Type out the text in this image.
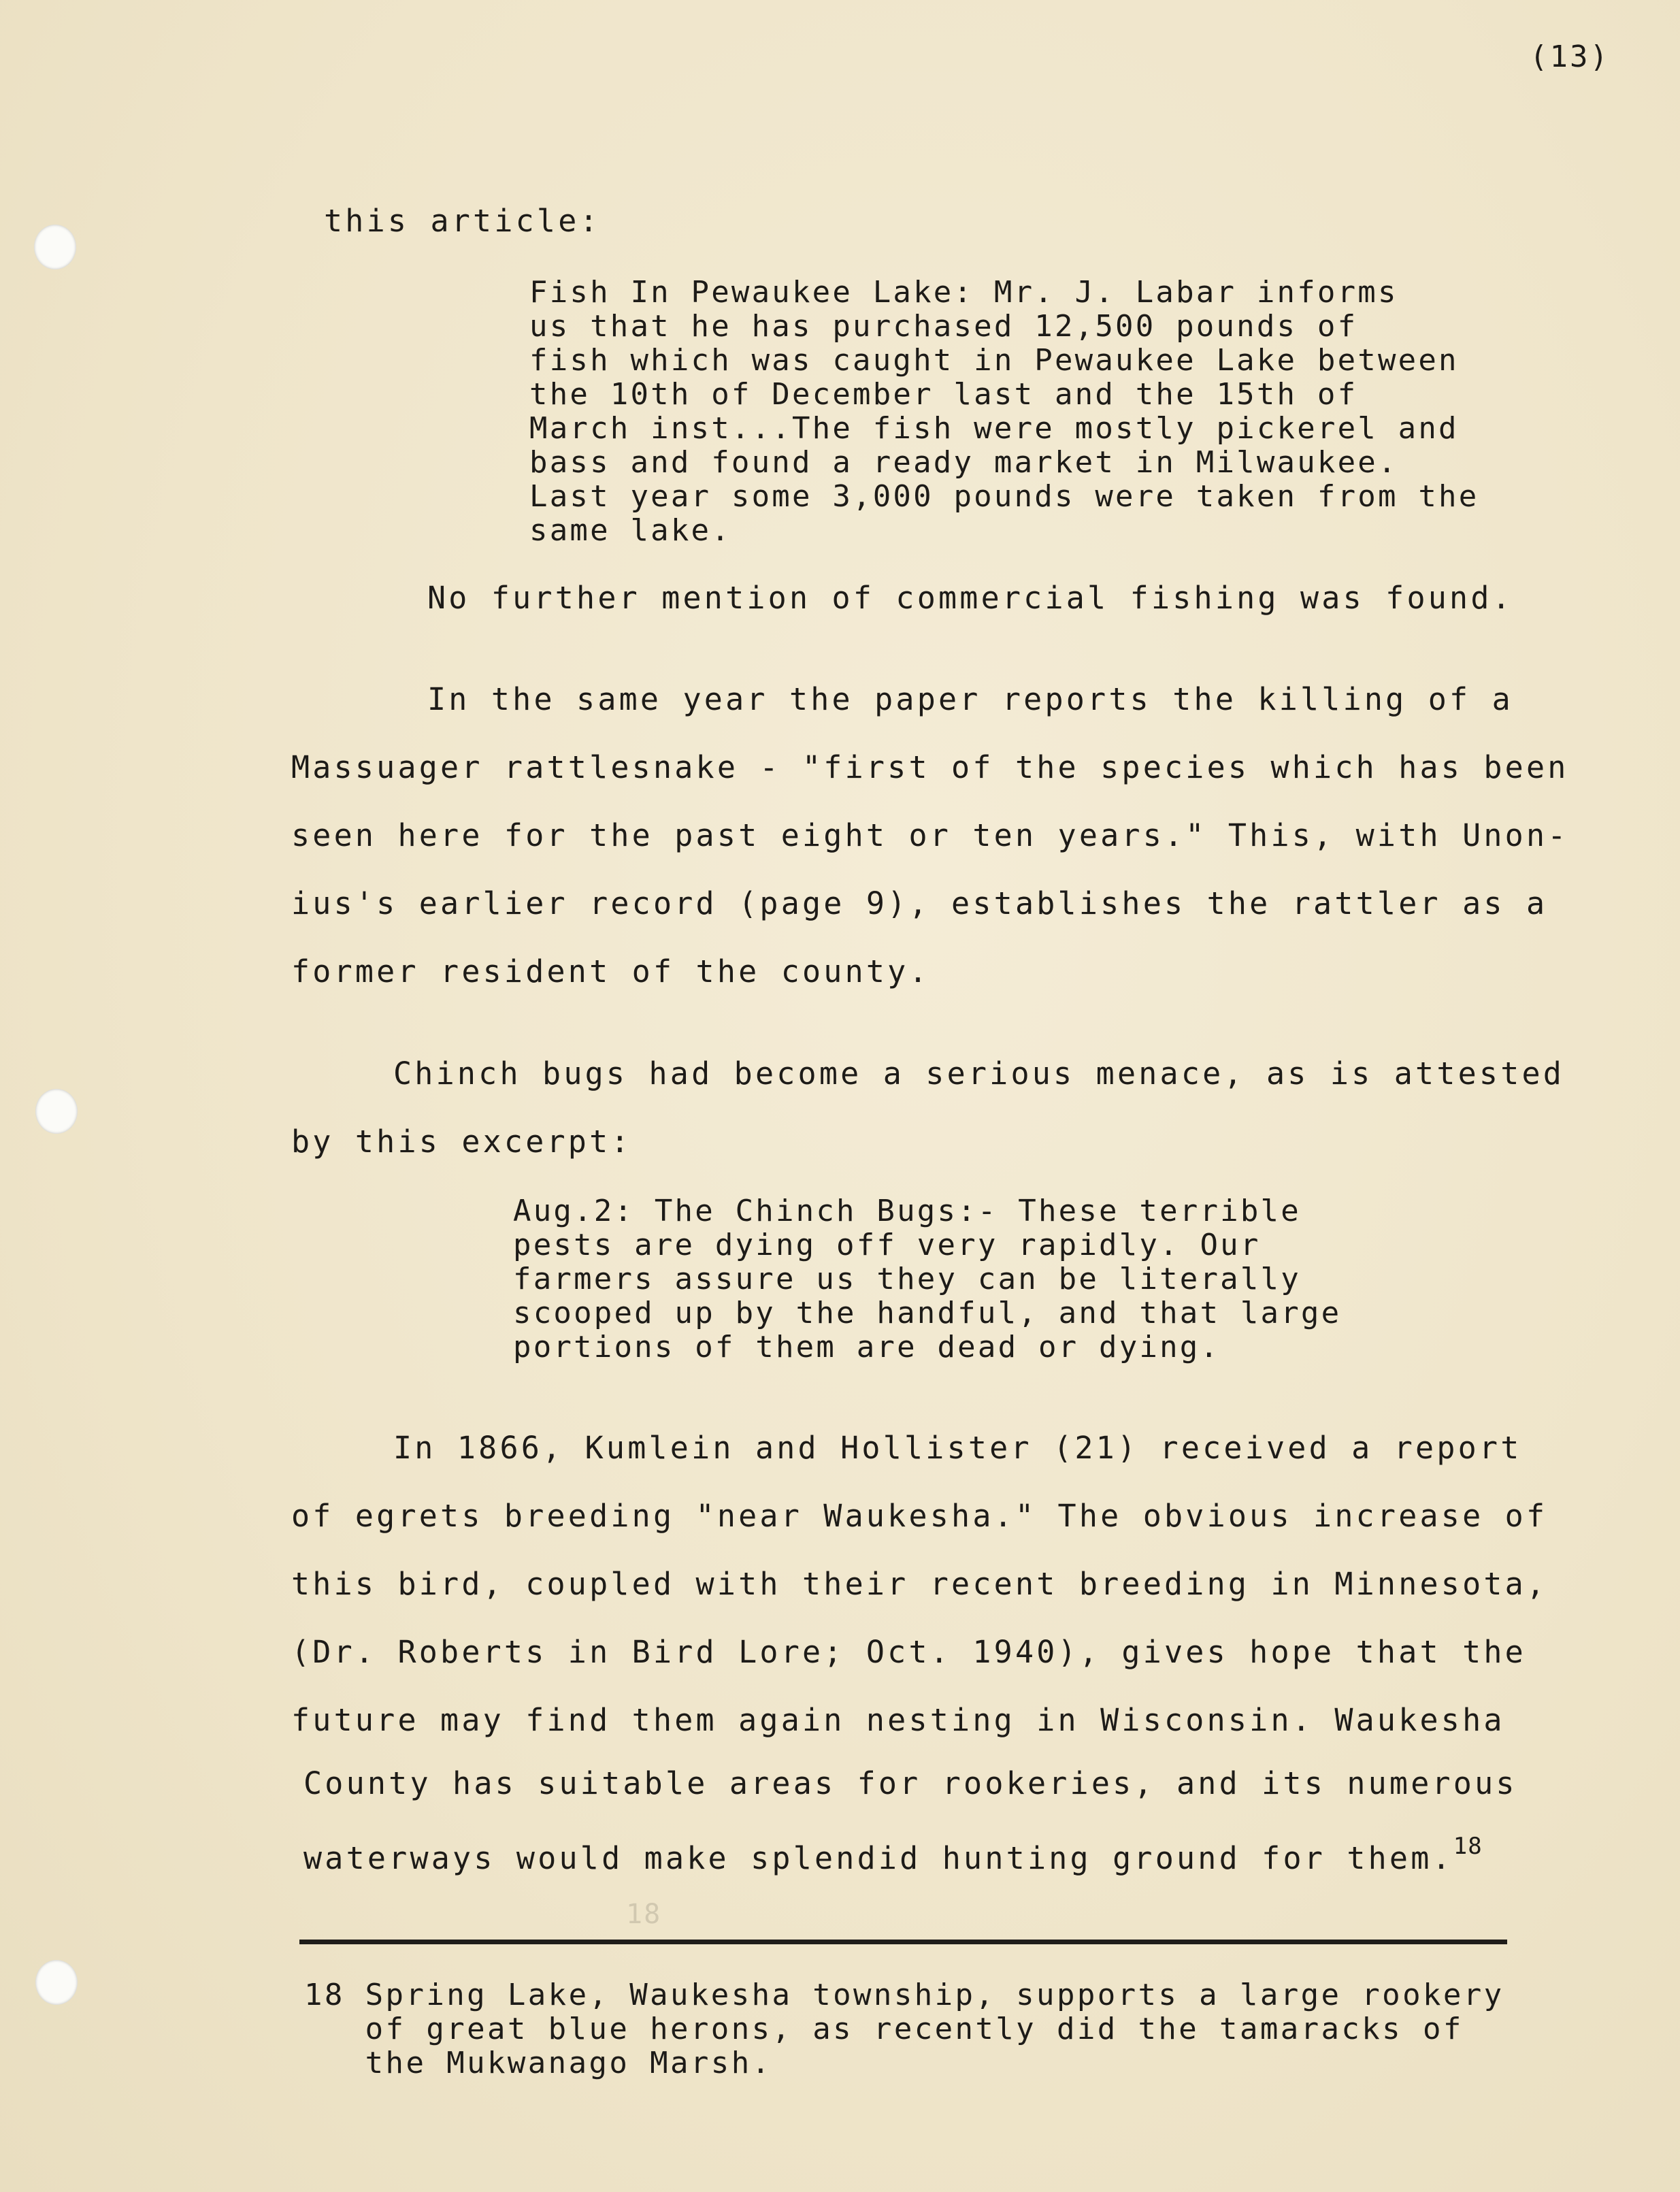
(13)
this article:
Fish In Pewaukee Lake: Mr. J. Labar informs
us that he has purchased 12,500 pounds of
fish which was caught in Pewaukee Lake between
the 10th of December last and the 15th of
March inst...The fish were mostly pickerel and
bass and found a ready market in Milwaukee.
Last year some 3,000 pounds were taken from the
same lake.
No further mention of commercial fishing was found.
In the same year the paper reports the killing of a
Massuager rattlesnake - "first of the species which has been
seen here for the past eight or ten years." This, with Unon-
ius's earlier record (page 9), establishes the rattler as a
former resident of the county.
Chinch bugs had become a serious menace, as is attested
by this excerpt:
Aug.2: The Chinch Bugs:- These terrible
pests are dying off very rapidly. Our
farmers assure us they can be literally
scooped up by the handful, and that large
portions of them are dead or dying.
In 1866, Kumlein and Hollister (21) received a report
of egrets breeding "near Waukesha." The obvious increase of
this bird, coupled with their recent breeding in Minnesota,
(Dr. Roberts in Bird Lore; Oct. 1940), gives hope that the
future may find them again nesting in Wisconsin. Waukesha
County has suitable areas for rookeries, and its numerous
waterways would make splendid hunting ground for them.$^{18}$
18
18 Spring Lake, Waukesha township, supports a large rookery
of great blue herons, as recently did the tamaracks of
the Mukwanago Marsh.
